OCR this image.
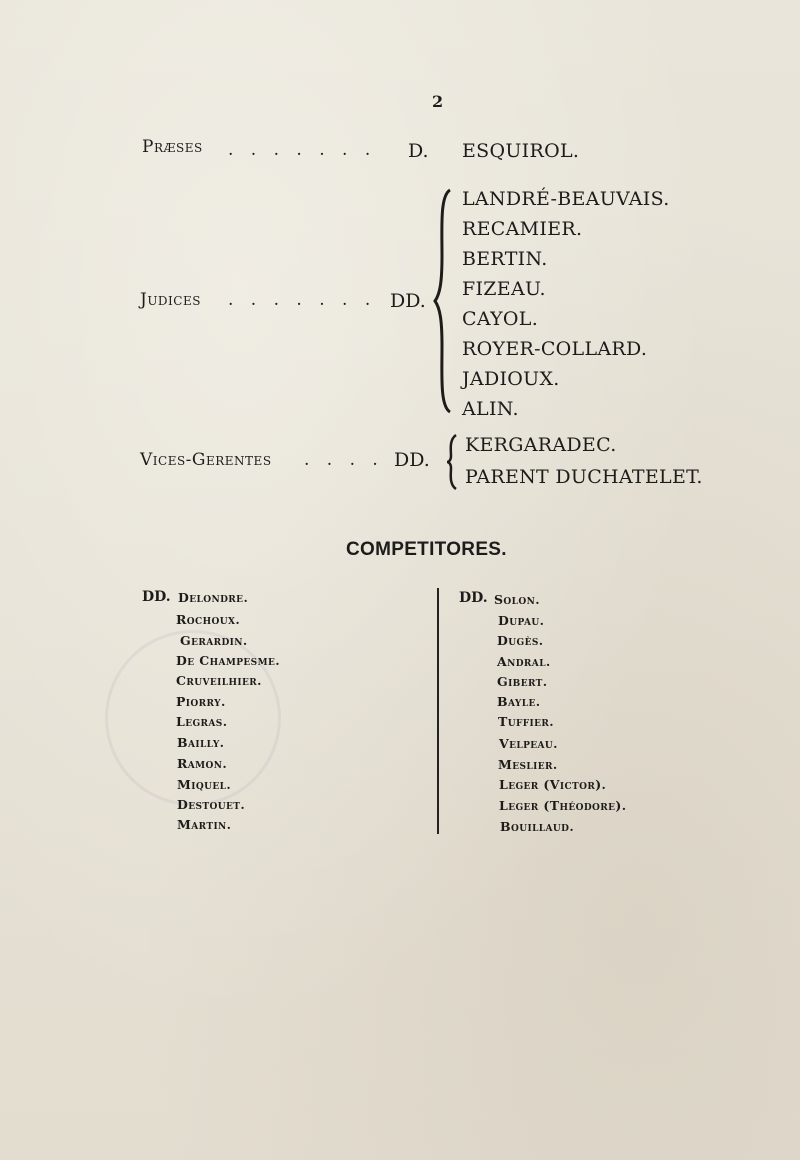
2
Præses . . . . . . . D. ESQUIROL.
Judices . . . . . . . DD.
LANDRÉ-BEAUVAIS.
RECAMIER.
BERTIN.
FIZEAU.
CAYOL.
ROYER-COLLARD.
JADIOUX.
ALIN.
Vices-Gerentes . . . . DD.
KERGARADEC.
PARENT DUCHATELET.
COMPETITORES.
DD. Delondre.
Rochoux.
Gerardin.
De Champesme.
Cruveilhier.
Piorry.
Legras.
Bailly.
Ramon.
Miquel.
Destouet.
Martin.
DD. Solon.
Dupau.
Dugès.
Andral.
Gibert.
Bayle.
Tuffier.
Velpeau.
Meslier.
Leger (Victor).
Leger (Théodore).
Bouillaud.
